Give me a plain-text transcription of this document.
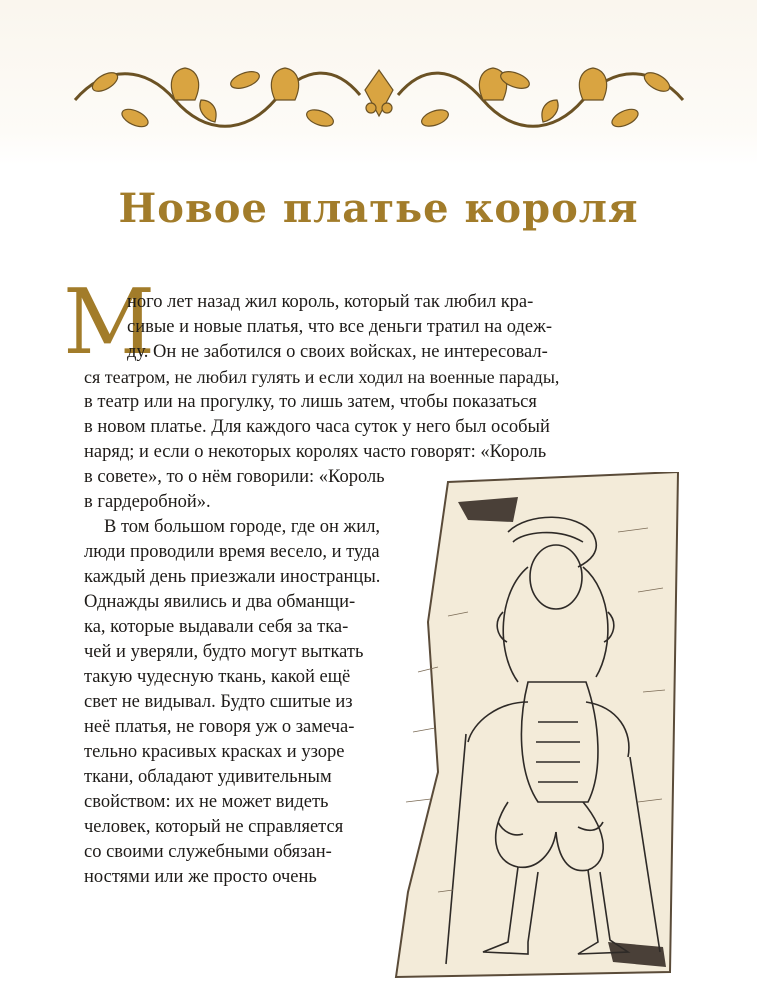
Новое платье короля
М
ного лет назад жил король, который так любил кра-
сивые и новые платья, что все деньги тратил на одеж-
ду. Он не заботился о своих войсках, не интересовал-
ся театром, не любил гулять и если ходил на военные парады,
в театр или на прогулку, то лишь затем, чтобы показаться
в новом платье. Для каждого часа суток у него был особый
наряд; и если о некоторых королях часто говорят: «Король
в совете», то о нём говорили: «Король
в гардеробной».
В том большом городе, где он жил,
люди проводили время весело, и туда
каждый день приезжали иностранцы.
Однажды явились и два обманщи-
ка, которые выдавали себя за тка-
чей и уверяли, будто могут выткать
такую чудесную ткань, какой ещё
свет не видывал. Будто сшитые из
неё платья, не говоря уж о замеча-
тельно красивых красках и узоре
ткани, обладают удивительным
свойством: их не может видеть
человек, который не справляется
со своими служебными обязан-
ностями или же просто очень
